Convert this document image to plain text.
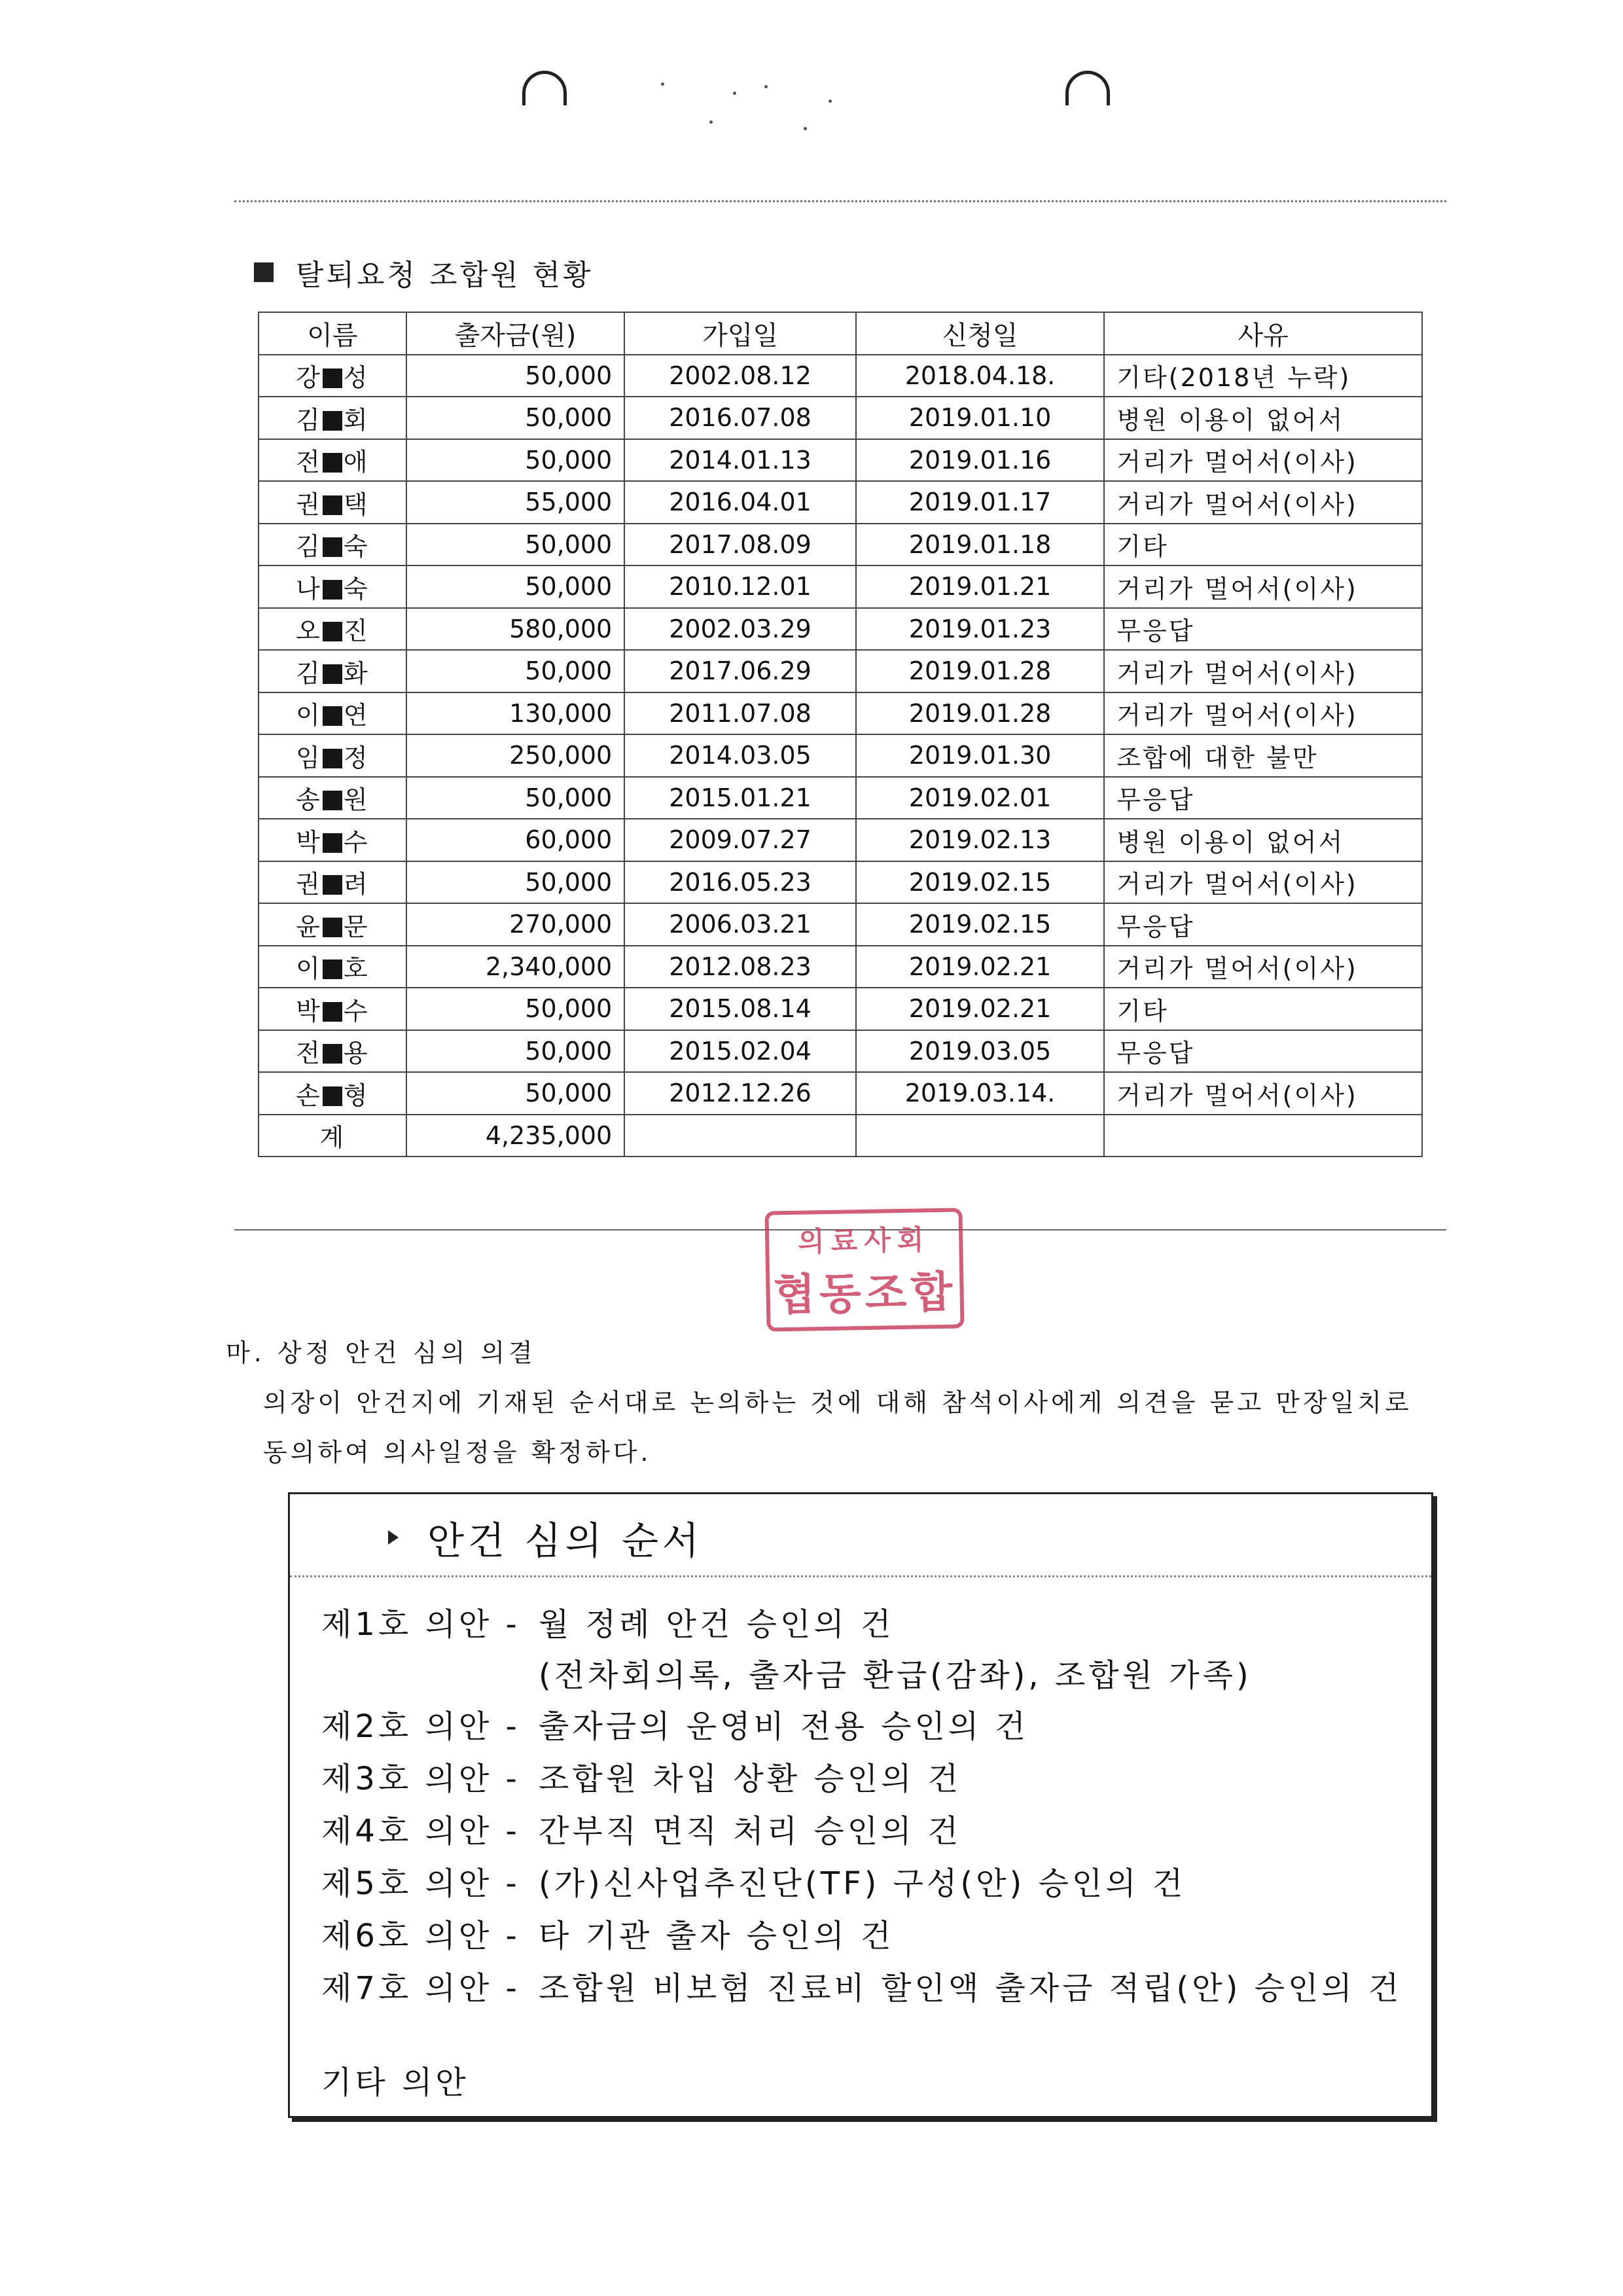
탈퇴요청 조합원 현황
이름	출자금(원)	가입일	신청일	사유
강 성	50,000	2002.08.12	2018.04.18.	기타(2018년 누락)
김 회	50,000	2016.07.08	2019.01.10	병원 이용이 없어서
전 애	50,000	2014.01.13	2019.01.16	거리가 멀어서(이사)
권 택	55,000	2016.04.01	2019.01.17	거리가 멀어서(이사)
김 숙	50,000	2017.08.09	2019.01.18	기타
나 숙	50,000	2010.12.01	2019.01.21	거리가 멀어서(이사)
오 진	580,000	2002.03.29	2019.01.23	무응답
김 화	50,000	2017.06.29	2019.01.28	거리가 멀어서(이사)
이 연	130,000	2011.07.08	2019.01.28	거리가 멀어서(이사)
임 정	250,000	2014.03.05	2019.01.30	조합에 대한 불만
송 원	50,000	2015.01.21	2019.02.01	무응답
박 수	60,000	2009.07.27	2019.02.13	병원 이용이 없어서
권 려	50,000	2016.05.23	2019.02.15	거리가 멀어서(이사)
윤 문	270,000	2006.03.21	2019.02.15	무응답
이 호	2,340,000	2012.08.23	2019.02.21	거리가 멀어서(이사)
박 수	50,000	2015.08.14	2019.02.21	기타
전 용	50,000	2015.02.04	2019.03.05	무응답
손 형	50,000	2012.12.26	2019.03.14.	거리가 멀어서(이사)
계	4,235,000			
의료사회
협동조합
마. 상정 안건 심의 의결
의장이 안건지에 기재된 순서대로 논의하는 것에 대해 참석이사에게 의견을 묻고 만장일치로
동의하여 의사일정을 확정하다.
안건 심의 순서
제1호 의안 - 월 정례 안건 승인의 건
(전차회의록, 출자금 환급(감좌), 조합원 가족)
제2호 의안 - 출자금의 운영비 전용 승인의 건
제3호 의안 - 조합원 차입 상환 승인의 건
제4호 의안 - 간부직 면직 처리 승인의 건
제5호 의안 - (가)신사업추진단(TF) 구성(안) 승인의 건
제6호 의안 - 타 기관 출자 승인의 건
제7호 의안 - 조합원 비보험 진료비 할인액 출자금 적립(안) 승인의 건
기타 의안
